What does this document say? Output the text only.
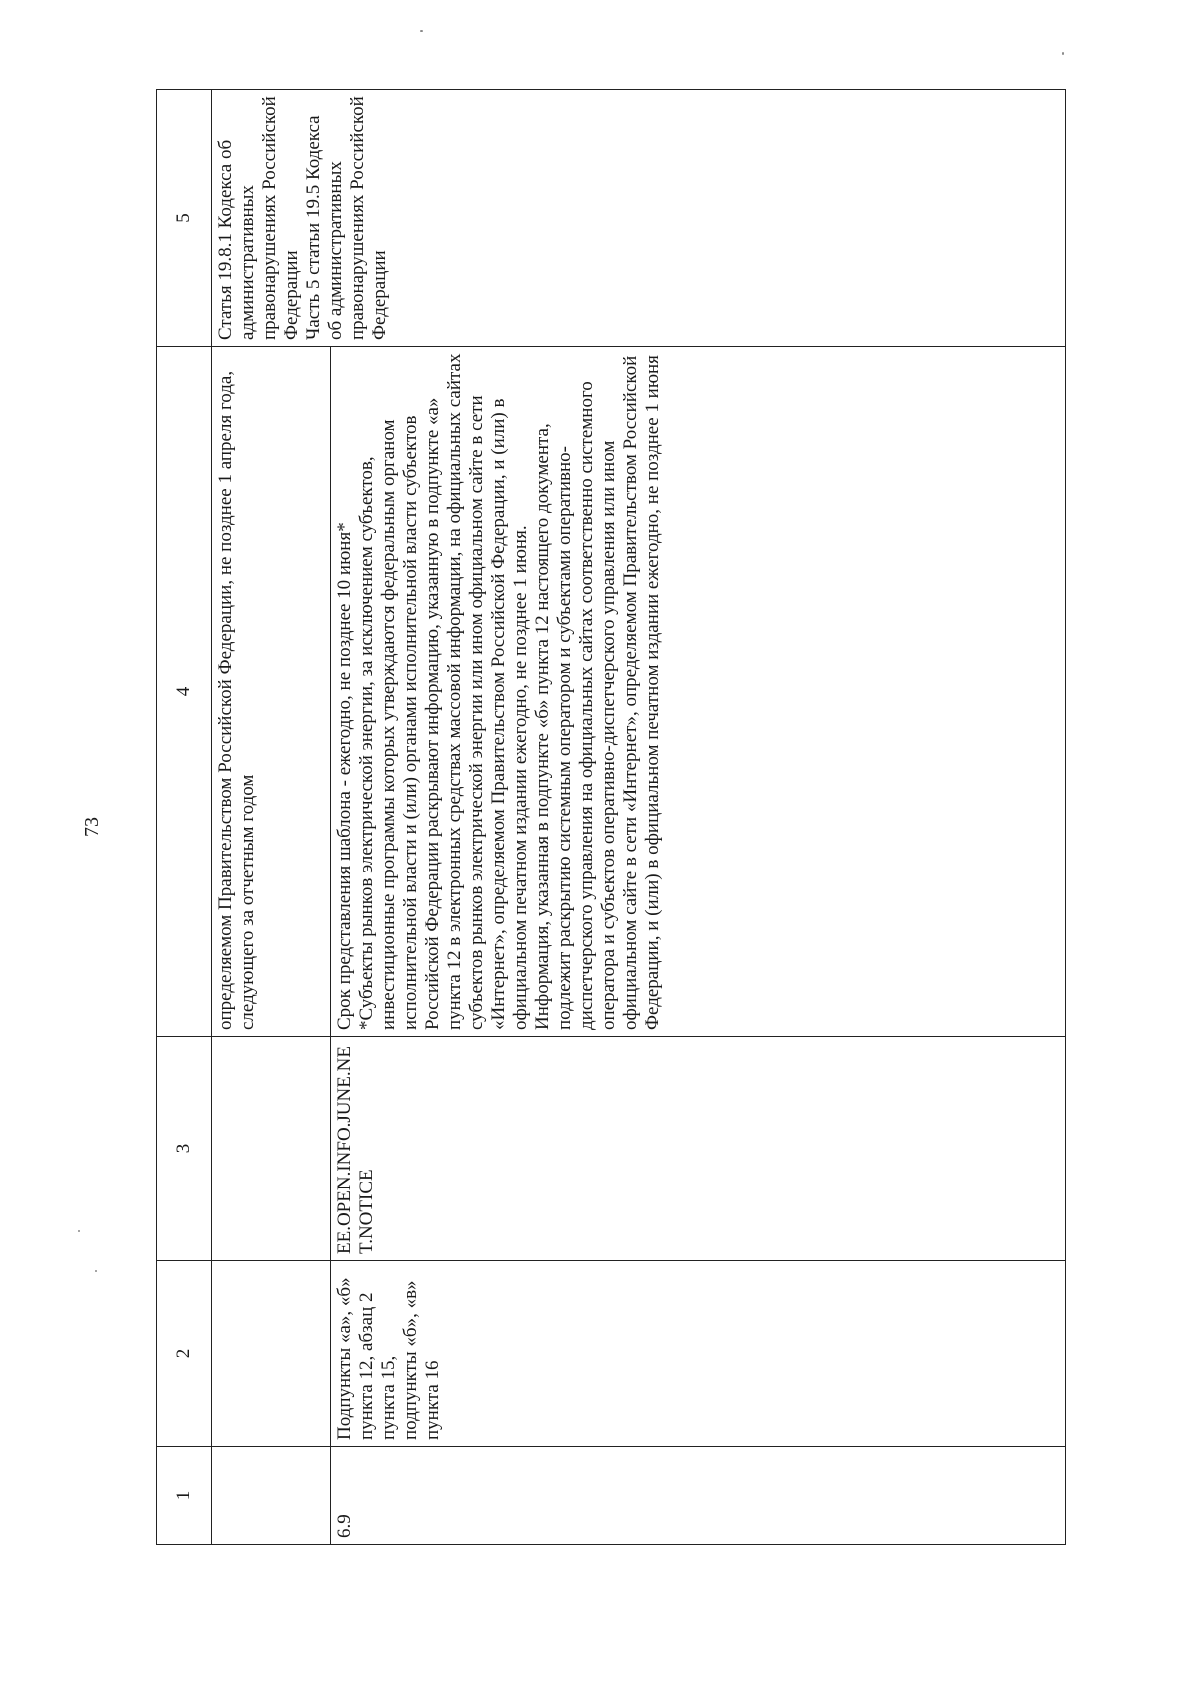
73
1	2	3	4	5
			определяемом Правительством Российской Федерации, не позднее 1 апреля года, следующего за отчетным годом	Статья 19.8.1 Кодекса об административных правонарушениях Российской Федерации Часть 5 статьи 19.5 Кодекса об административных правонарушениях Российской Федерации

6.9	Подпункты «а», «б» пункта 12, абзац 2 пункта 15, подпункты «б», «в» пункта 16	EE.OPEN.INFO.JUNE.NET.NOTICE	Срок представления шаблона - ежегодно, не позднее 10 июня* *Субъекты рынков электрической энергии, за исключением субъектов, инвестиционные программы которых утверждаются федеральным органом исполнительной власти и (или) органами исполнительной власти субъектов Российской Федерации раскрывают информацию, указанную в подпункте «а» пункта 12 в электронных средствах массовой информации, на официальных сайтах субъектов рынков электрической энергии или ином официальном сайте в сети «Интернет», определяемом Правительством Российской Федерации, и (или) в официальном печатном издании ежегодно, не позднее 1 июня. Информация, указанная в подпункте «б» пункта 12 настоящего документа, подлежит раскрытию системным оператором и субъектами оперативно-диспетчерского управления на официальных сайтах соответственно системного оператора и субъектов оперативно-диспетчерского управления или ином официальном сайте в сети «Интернет», определяемом Правительством Российской Федерации, и (или) в официальном печатном издании ежегодно, не позднее 1 июня	
